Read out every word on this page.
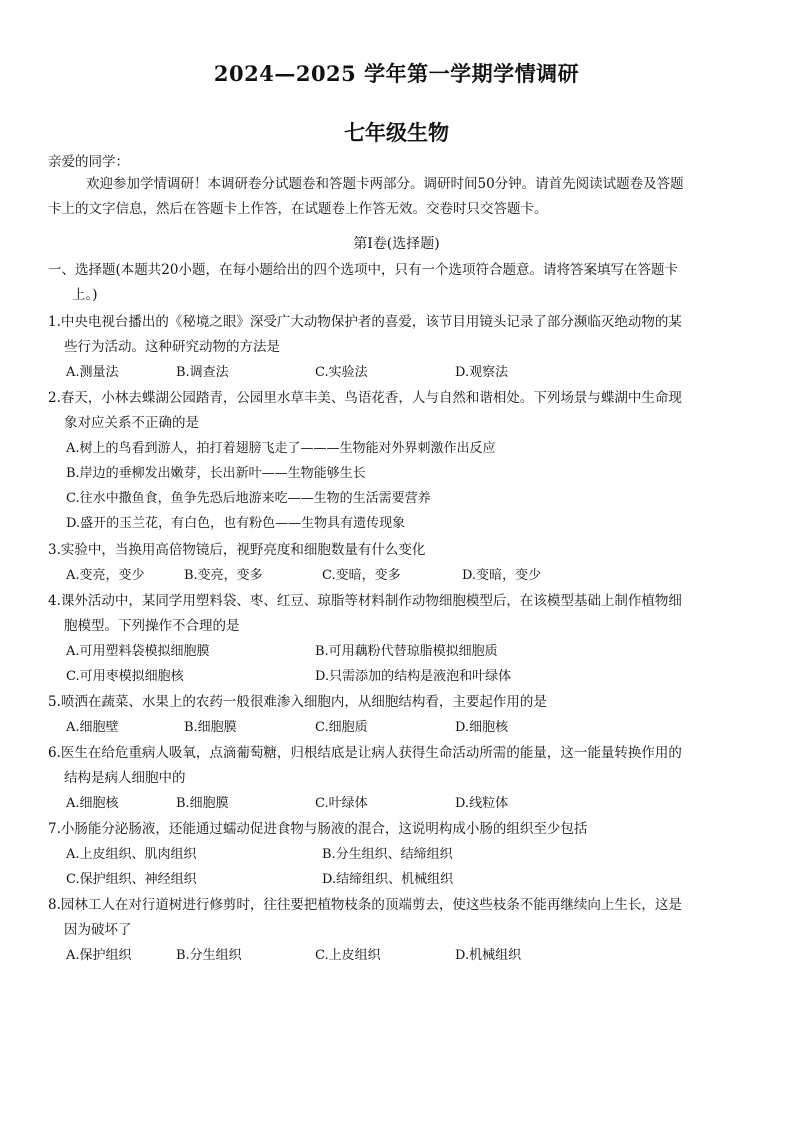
2024—2025 学年第一学期学情调研
七年级生物
亲爱的同学：
欢迎参加学情调研！本调研卷分试题卷和答题卡两部分。调研时间50分钟。请首先阅读试题卷及答题
卡上的文字信息，然后在答题卡上作答，在试题卷上作答无效。交卷时只交答题卡。
第Ⅰ卷(选择题)
一、选择题(本题共20小题，在每小题给出的四个选项中，只有一个选项符合题意。请将答案填写在答题卡
上。)
1.中央电视台播出的《秘境之眼》深受广大动物保护者的喜爱，该节目用镜头记录了部分濒临灭绝动物的某
些行为活动。这种研究动物的方法是
A.测量法	B.调查法	C.实验法	D.观察法
2.春天，小林去蝶湖公园踏青，公园里水草丰美、鸟语花香，人与自然和谐相处。下列场景与蝶湖中生命现
象对应关系不正确的是
A.树上的鸟看到游人，拍打着翅膀飞走了———生物能对外界刺激作出反应
B.岸边的垂柳发出嫩芽，长出新叶——生物能够生长
C.往水中撒鱼食，鱼争先恐后地游来吃——生物的生活需要营养
D.盛开的玉兰花，有白色，也有粉色——生物具有遗传现象
3.实验中，当换用高倍物镜后，视野亮度和细胞数量有什么变化
A.变亮，变少	B.变亮，变多	C.变暗，变多	D.变暗，变少
4.课外活动中，某同学用塑料袋、枣、红豆、琼脂等材料制作动物细胞模型后，在该模型基础上制作植物细
胞模型。下列操作不合理的是
A.可用塑料袋模拟细胞膜	B.可用藕粉代替琼脂模拟细胞质
C.可用枣模拟细胞核	D.只需添加的结构是液泡和叶绿体
5.喷洒在蔬菜、水果上的农药一般很难渗入细胞内，从细胞结构看，主要起作用的是
A.细胞壁	B.细胞膜	C.细胞质	D.细胞核
6.医生在给危重病人吸氧，点滴葡萄糖，归根结底是让病人获得生命活动所需的能量，这一能量转换作用的
结构是病人细胞中的
A.细胞核	B.细胞膜	C.叶绿体	D.线粒体
7.小肠能分泌肠液，还能通过蠕动促进食物与肠液的混合，这说明构成小肠的组织至少包括
A.上皮组织、肌肉组织	B.分生组织、结缔组织
C.保护组织、神经组织	D.结缔组织、机械组织
8.园林工人在对行道树进行修剪时，往往要把植物枝条的顶端剪去，使这些枝条不能再继续向上生长，这是
因为破坏了
A.保护组织	B.分生组织	C.上皮组织	D.机械组织
